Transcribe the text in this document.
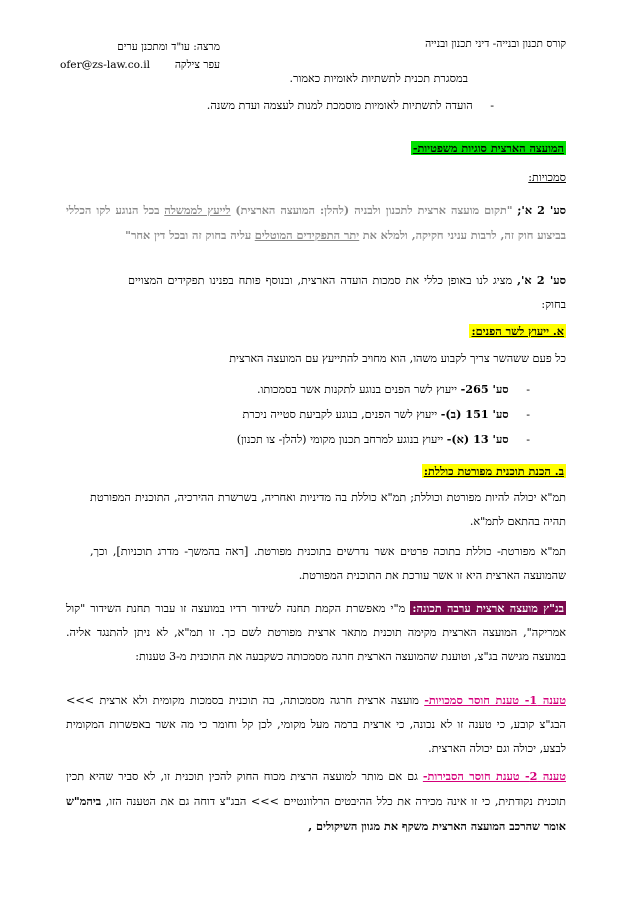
קורס תכנון ובנייה- דיני תכנון ובנייה
מרצה: עו"ד ומתכנן ערים

ofer@zs-law.co.il עפר צילקה
במסגרת תכנית לתשתיות לאומיות כאמור.
- הועדה לתשתיות לאומיות מוסמכת למנות לעצמה ועדת משנה.
המועצה הארצית סוגיות משפטיות-
סמכויות:
סע' 2 א'; "תקום מועצה ארצית לתכנון ולבניה (להלן: המועצה הארצית) לייעץ לממשלה בכל הנוגע לקו הכללי בביצוע חוק זה, לרבות עניני חקיקה, ולמלא את יתר התפקידים המוטלים עליה בחוק זה ובכל דין אחר"
סע' 2 א', מציג לנו באופן כללי את סמכות הועדה הארצית, ובנוסף פותח בפנינו תפקידים המצויים בחוק:
א. ייעוץ לשר הפנים:
כל פעם ששהשר צריך לקבוע משהו, הוא מחויב להתייעץ עם המועצה הארצית
- סע' 265- ייעוץ לשר הפנים בנוגע לתקנות אשר בסמכותו.
- סע' 151 (ב)- ייעוץ לשר הפנים, בנוגע לקביעת סטייה ניכרת
- סע' 13 (א)- ייעוץ בנוגע למרחב תכנון מקומי (להלן- צו תכנון)
ב. הכנת תוכנית מפורטת כוללת:
תמ"א יכולה להיות מפורטת וכוללת; תמ"א כוללת בה מדיניות ואחריה, בשרשרת ההירכיה, התוכנית המפורטת תהיה בהתאם לתמ"א.
תמ"א מפורטת- כוללת בתוכה פרטים אשר נדרשים בתוכנית מפורטת. [ראה בהמשך- מדרג תוכניות], וכך, שהמועצה הארצית היא זו אשר עורכת את התוכנית המפורטת.
בג"ץ מועצה ארצית ערבה תכונה: מ"י מאפשרת הקמת תחנה לשידור רדיו במועצה זו עבור תחנת השידור "קול אמריקה", המועצה הארצית מקימה תוכנית מתאר ארצית מפורטת לשם כך. זו תמ"א, לא ניתן להתנגד אליה. במועצה מגישה בג"צ, וטוענת שהמועצה הארצית חרגה מסמכותה כשקבעה את התוכנית מ-3 טענות:
טענה 1- טענת חוסר סמכויות- מועצה ארצית חרגה מסמכותה, בה תוכנית בסמכות מקומית ולא ארצית >>> הבג"צ קובע, כי טענה זו לא נכונה, כי ארצית ברמה מעל מקומי, לכן קל וחומר כי מה אשר באפשרות המקומית לבצע, יכולה וגם יכולה הארצית.
טענה 2- טענת חוסר הסבירות- גם אם מותר למועצה הרצית מכוח החוק להכין תוכנית זו, לא סביר שהיא תכין תוכנית נקודתית, כי זו אינה מכירה את כלל ההיבטים הרלוונטיים >>> הבג"צ דוחה גם את הטענה הזו, ביהמ"ש אומר שהרכב המועצה הארצית משקף את מגוון השיקולים ,
